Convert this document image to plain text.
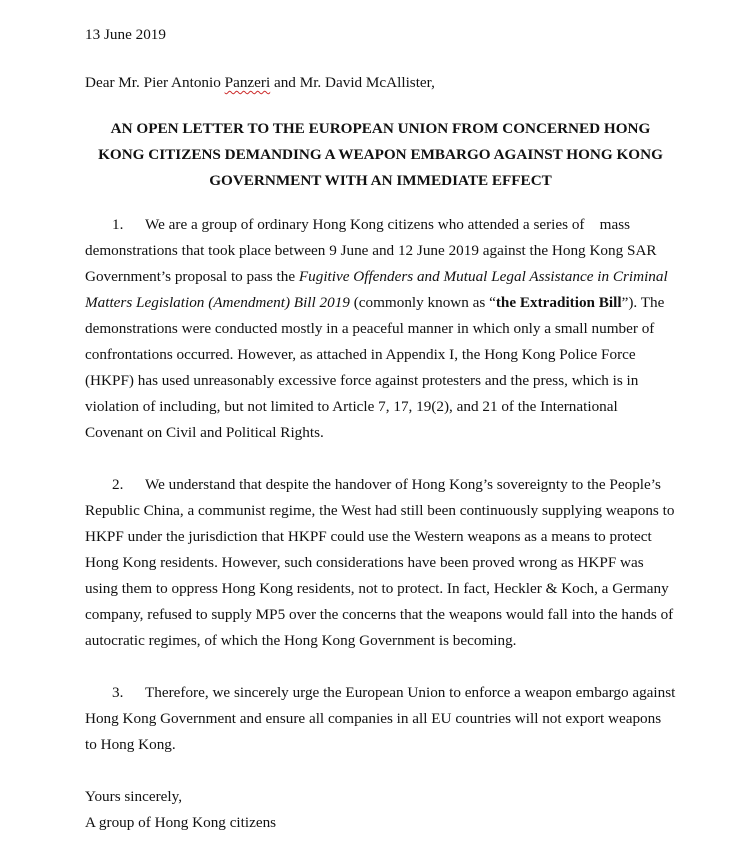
13 June 2019

Dear Mr. Pier Antonio Panzeri and Mr. David McAllister,

AN OPEN LETTER TO THE EUROPEAN UNION FROM CONCERNED HONG
KONG CITIZENS DEMANDING A WEAPON EMBARGO AGAINST HONG KONG
GOVERNMENT WITH AN IMMEDIATE EFFECT

1. We are a group of ordinary Hong Kong citizens who attended a series of    mass demonstrations that took place between 9 June and 12 June 2019 against the Hong Kong SAR Government’s proposal to pass the Fugitive Offenders and Mutual Legal Assistance in Criminal Matters Legislation (Amendment) Bill 2019 (commonly known as “the Extradition Bill”). The demonstrations were conducted mostly in a peaceful manner in which only a small number of confrontations occurred. However, as attached in Appendix I, the Hong Kong Police Force (HKPF) has used unreasonably excessive force against protesters and the press, which is in violation of including, but not limited to Article 7, 17, 19(2), and 21 of the International Covenant on Civil and Political Rights.

2. We understand that despite the handover of Hong Kong’s sovereignty to the People’s Republic China, a communist regime, the West had still been continuously supplying weapons to HKPF under the jurisdiction that HKPF could use the Western weapons as a means to protect Hong Kong residents. However, such considerations have been proved wrong as HKPF was using them to oppress Hong Kong residents, not to protect. In fact, Heckler & Koch, a Germany company, refused to supply MP5 over the concerns that the weapons would fall into the hands of autocratic regimes, of which the Hong Kong Government is becoming.

3. Therefore, we sincerely urge the European Union to enforce a weapon embargo against Hong Kong Government and ensure all companies in all EU countries will not export weapons to Hong Kong.

Yours sincerely,

A group of Hong Kong citizens
